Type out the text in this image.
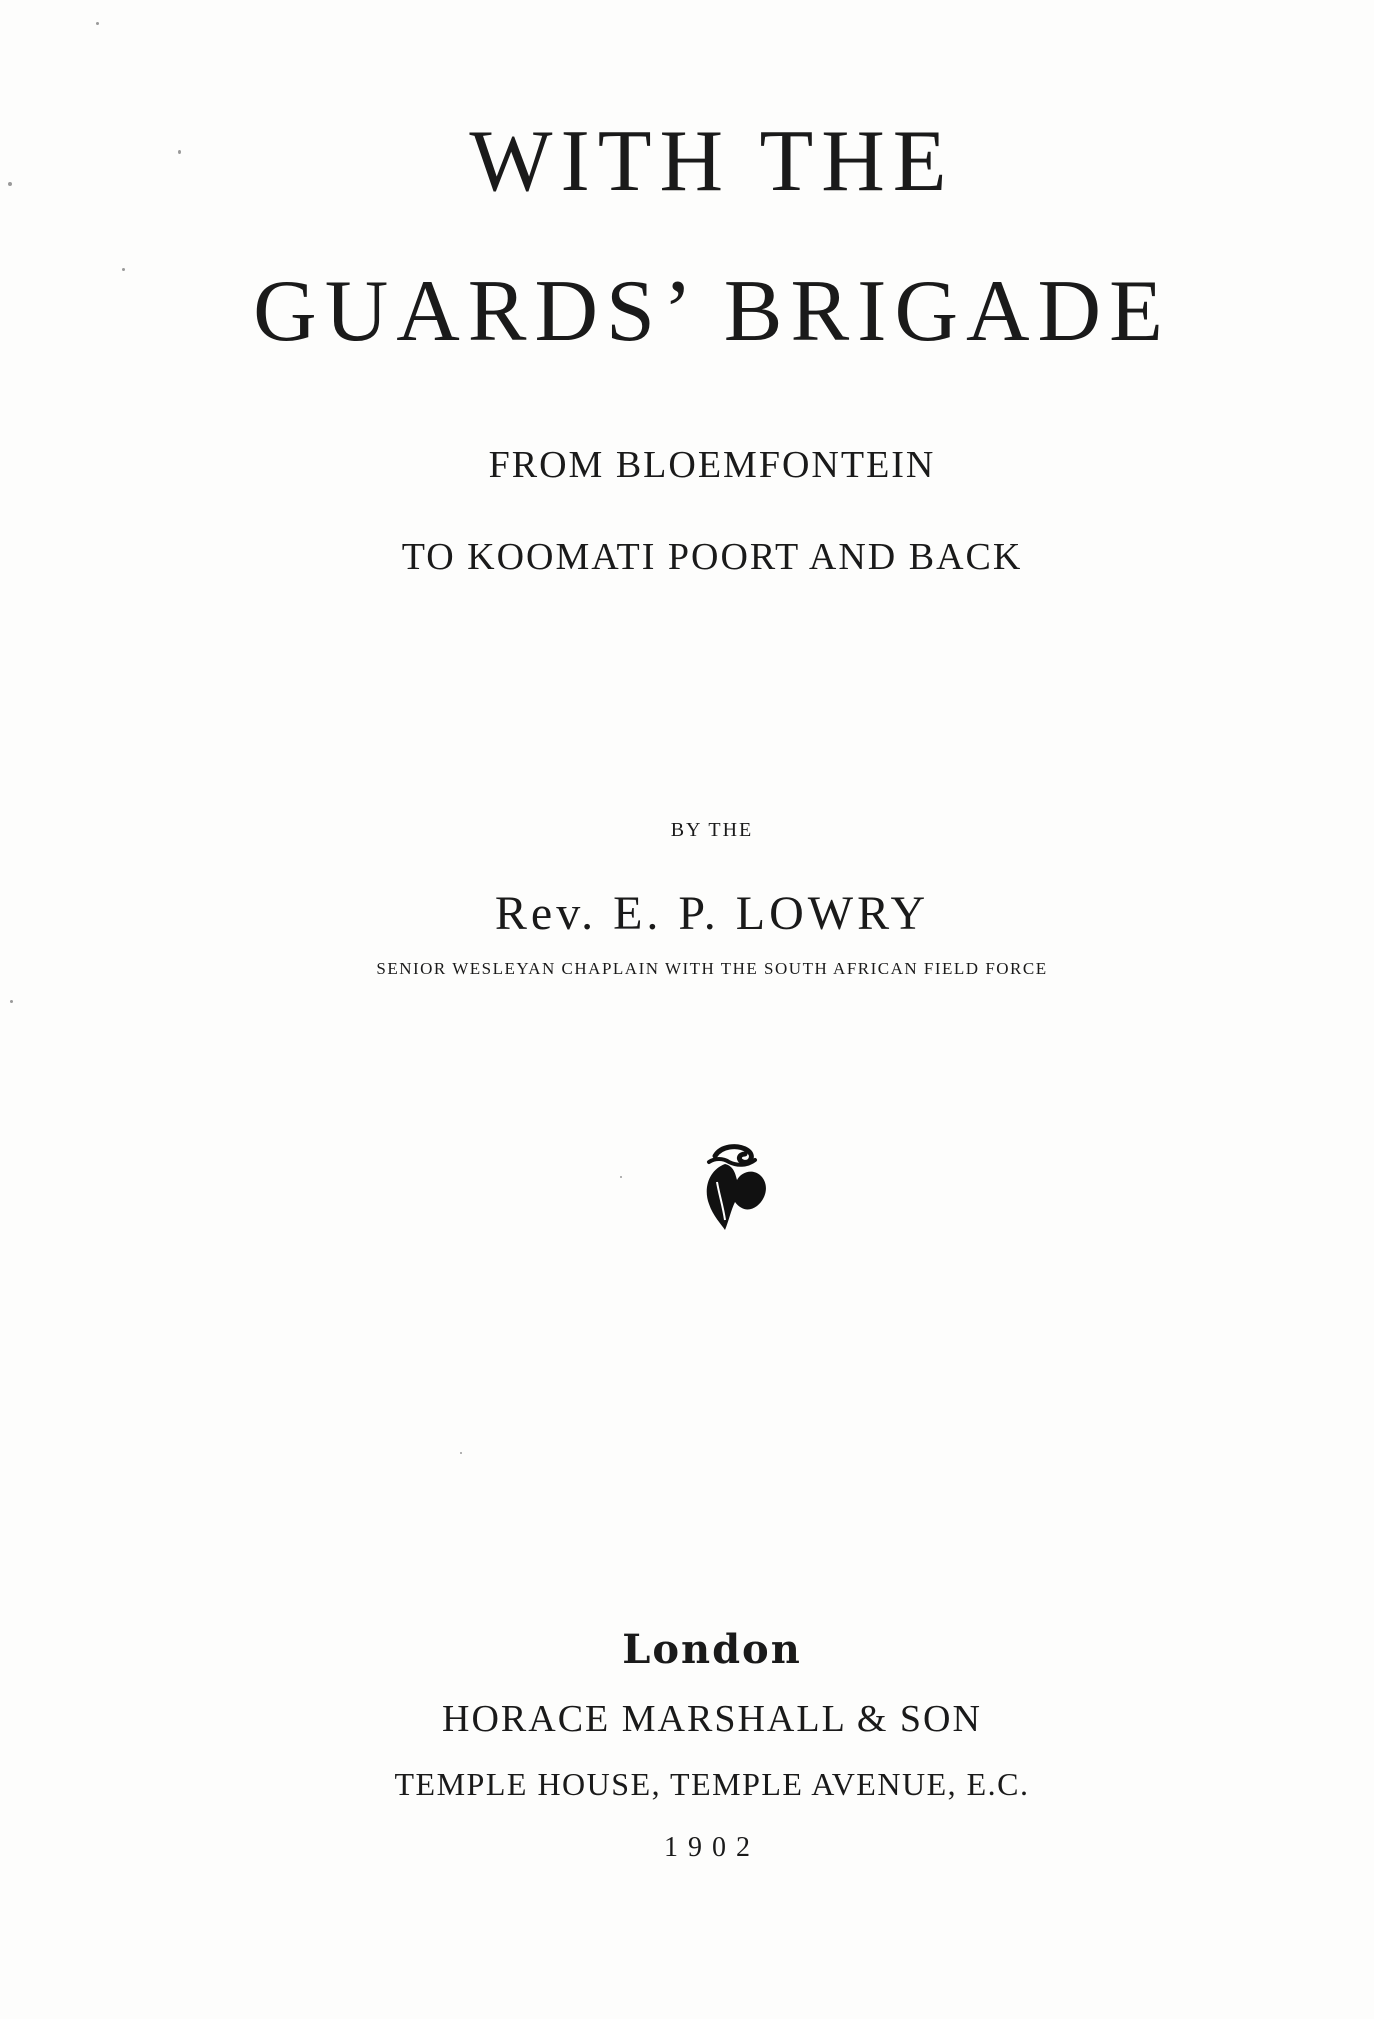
WITH THE
GUARDS’ BRIGADE
FROM BLOEMFONTEIN
TO KOOMATI POORT AND BACK
BY THE
Rev. E. P. LOWRY
SENIOR WESLEYAN CHAPLAIN WITH THE SOUTH AFRICAN FIELD FORCE
London
HORACE MARSHALL & SON
TEMPLE HOUSE, TEMPLE AVENUE, E.C.
1902
